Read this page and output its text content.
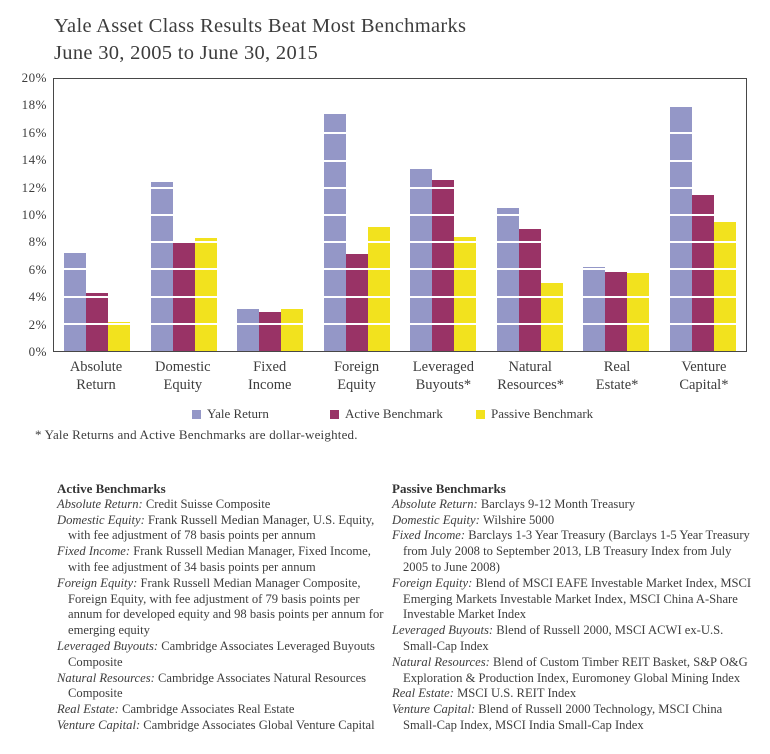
Yale Asset Class Results Beat Most Benchmarks
June 30, 2005 to June 30, 2015
20%
18%
16%
14%
12%
10%
8%
6%
4%
2%
0%
Absolute Return
Domestic Equity
Fixed Income
Foreign Equity
Leveraged Buyouts*
Natural Resources*
Real Estate*
Venture Capital*
Yale Return	Active Benchmark	Passive Benchmark
* Yale Returns and Active Benchmarks are dollar-weighted.
Active Benchmarks
Absolute Return: Credit Suisse Composite
Domestic Equity: Frank Russell Median Manager, U.S. Equity, with fee adjustment of 78 basis points per annum
Fixed Income: Frank Russell Median Manager, Fixed Income, with fee adjustment of 34 basis points per annum
Foreign Equity: Frank Russell Median Manager Composite, Foreign Equity, with fee adjustment of 79 basis points per annum for developed equity and 98 basis points per annum for emerging equity
Leveraged Buyouts: Cambridge Associates Leveraged Buyouts Composite
Natural Resources: Cambridge Associates Natural Resources Composite
Real Estate: Cambridge Associates Real Estate
Venture Capital: Cambridge Associates Global Venture Capital
Passive Benchmarks
Absolute Return: Barclays 9-12 Month Treasury
Domestic Equity: Wilshire 5000
Fixed Income: Barclays 1-3 Year Treasury (Barclays 1-5 Year Treasury from July 2008 to September 2013, LB Treasury Index from July 2005 to June 2008)
Foreign Equity: Blend of MSCI EAFE Investable Market Index, MSCI Emerging Markets Investable Market Index, MSCI China A-Share Investable Market Index
Leveraged Buyouts: Blend of Russell 2000, MSCI ACWI ex-U.S. Small-Cap Index
Natural Resources: Blend of Custom Timber REIT Basket, S&P O&G Exploration & Production Index, Euromoney Global Mining Index
Real Estate: MSCI U.S. REIT Index
Venture Capital: Blend of Russell 2000 Technology, MSCI China Small-Cap Index, MSCI India Small-Cap Index
